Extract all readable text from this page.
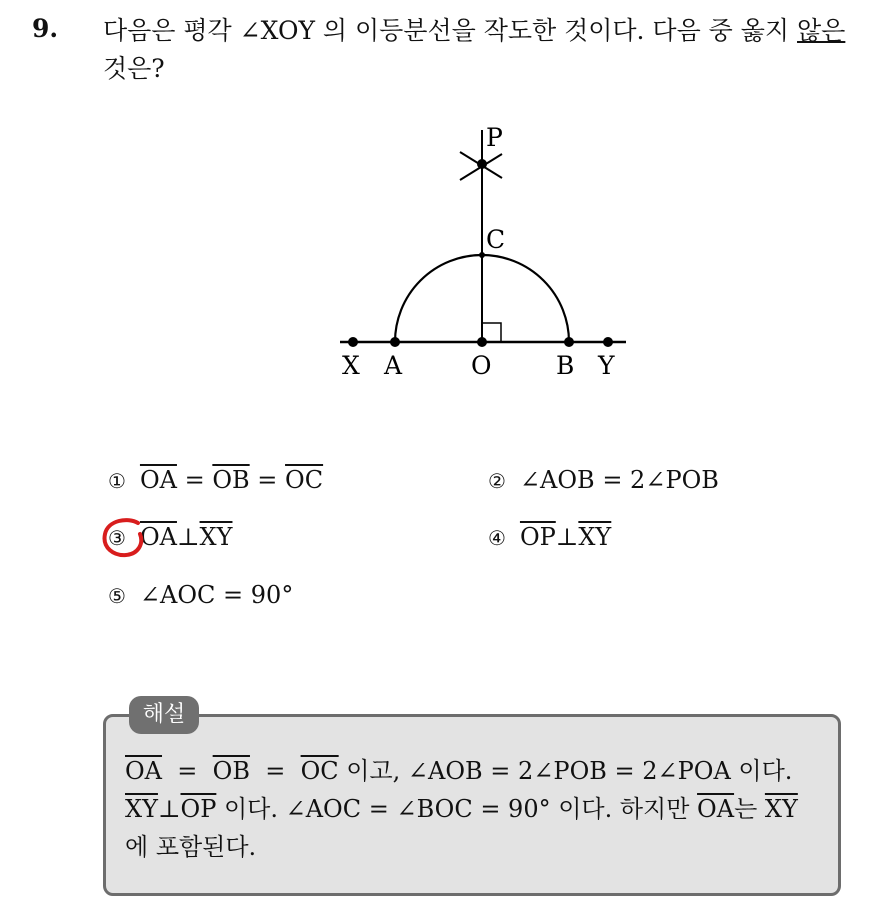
9. 다음은 평각 ∠XOY 의 이등분선을 작도한 것이다. 다음 중 옳지 않은
것은?
P
C
X A	O	B Y
① $\overline{OA} = \overline{OB} = \overline{OC}$	② ∠AOB = 2∠POB
③ $\overline{OA}\perp\overline{XY}$	④ $\overline{OP}\perp\overline{XY}$
⑤ ∠AOC = 90°
해설
$\overline{OA} = \overline{OB} = \overline{OC}$ 이고, ∠AOB = 2∠POB = 2∠POA 이다.
$\overline{XY}\perp\overline{OP}$ 이다. ∠AOC = ∠BOC = 90° 이다. 하지만 $\overline{OA}$는 $\overline{XY}$
에 포함된다.
